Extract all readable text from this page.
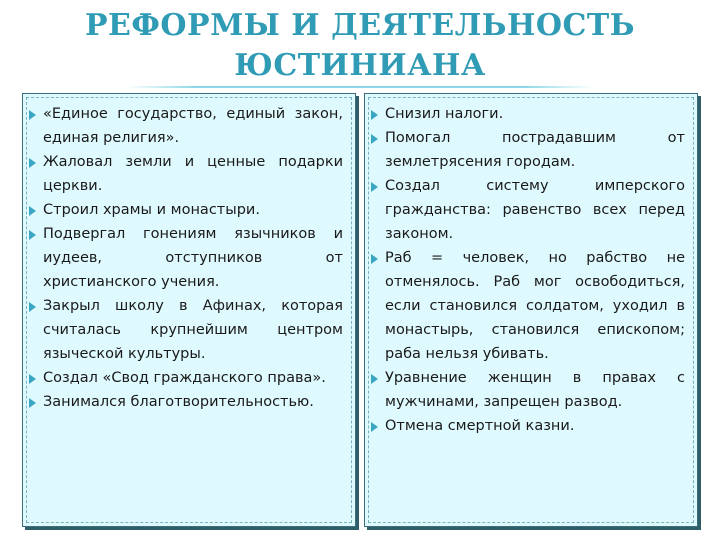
РЕФОРМЫ И ДЕЯТЕЛЬНОСТЬ
ЮСТИНИАНА
«Единое государство, единый закон, единая религия».
Жаловал земли и ценные подарки церкви.
Строил храмы и монастыри.
Подвергал гонениям язычников и иудеев, отступников от христианского учения.
Закрыл школу в Афинах, которая считалась крупнейшим центром языческой культуры.
Создал «Свод гражданского права».
Занимался благотворительностью.
Снизил налоги.
Помогал пострадавшим от землетрясения городам.
Создал систему имперского гражданства: равенство всех перед законом.
Раб = человек, но рабство не отменялось. Раб мог освободиться, если становился солдатом, уходил в монастырь, становился епископом; раба нельзя убивать.
Уравнение женщин в правах с мужчинами, запрещен развод.
Отмена смертной казни.
